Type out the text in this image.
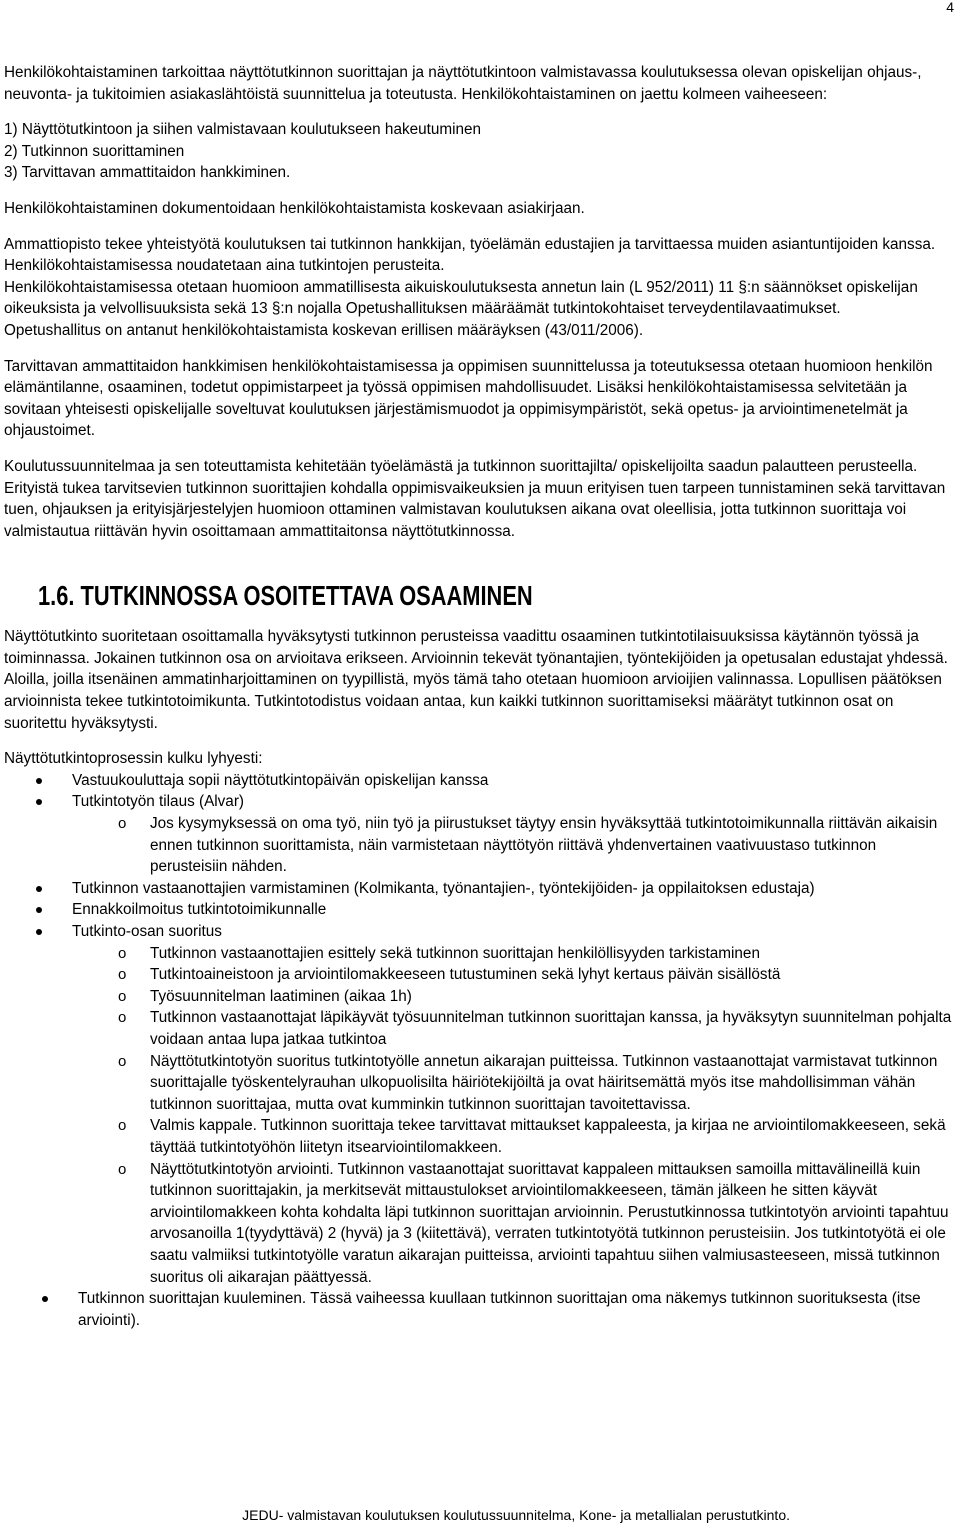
4

Henkilökohtaistaminen tarkoittaa näyttötutkinnon suorittajan ja näyttötutkintoon valmistavassa koulutuksessa olevan opiskelijan ohjaus-, neuvonta- ja tukitoimien asiakaslähtöistä suunnittelua ja toteutusta. Henkilökohtaistaminen on jaettu kolmeen vaiheeseen:

1) Näyttötutkintoon ja siihen valmistavaan koulutukseen hakeutuminen

2) Tutkinnon suorittaminen

3) Tarvittavan ammattitaidon hankkiminen.

Henkilökohtaistaminen dokumentoidaan henkilökohtaistamista koskevaan asiakirjaan.

Ammattiopisto tekee yhteistyötä koulutuksen tai tutkinnon hankkijan, työelämän edustajien ja tarvittaessa muiden asiantuntijoiden kanssa. Henkilökohtaistamisessa noudatetaan aina tutkintojen perusteita.

Henkilökohtaistamisessa otetaan huomioon ammatillisesta aikuiskoulutuksesta annetun lain (L 952/2011) 11 §:n säännökset opiskelijan oikeuksista ja velvollisuuksista sekä 13 §:n nojalla Opetushallituksen määräämät tutkintokohtaiset terveydentilavaatimukset.

Opetushallitus on antanut henkilökohtaistamista koskevan erillisen määräyksen (43/011/2006).

Tarvittavan ammattitaidon hankkimisen henkilökohtaistamisessa ja oppimisen suunnittelussa ja toteutuksessa otetaan huomioon henkilön elämäntilanne, osaaminen, todetut oppimistarpeet ja työssä oppimisen mahdollisuudet. Lisäksi henkilökohtaistamisessa selvitetään ja sovitaan yhteisesti opiskelijalle soveltuvat koulutuksen järjestämismuodot ja oppimisympäristöt, sekä opetus- ja arviointimenetelmät ja ohjaustoimet.

Koulutussuunnitelmaa ja sen toteuttamista kehitetään työelämästä ja tutkinnon suorittajilta/ opiskelijoilta saadun palautteen perusteella. Erityistä tukea tarvitsevien tutkinnon suorittajien kohdalla oppimisvaikeuksien ja muun erityisen tuen tarpeen tunnistaminen sekä tarvittavan tuen, ohjauksen ja erityisjärjestelyjen huomioon ottaminen valmistavan koulutuksen aikana ovat oleellisia, jotta tutkinnon suorittaja voi valmistautua riittävän hyvin osoittamaan ammattitaitonsa näyttötutkinnossa.

1.6. TUTKINNOSSA OSOITETTAVA OSAAMINEN

Näyttötutkinto suoritetaan osoittamalla hyväksytysti tutkinnon perusteissa vaadittu osaaminen tutkintotilaisuuksissa käytännön työssä ja toiminnassa. Jokainen tutkinnon osa on arvioitava erikseen. Arvioinnin tekevät työnantajien, työntekijöiden ja opetusalan edustajat yhdessä. Aloilla, joilla itsenäinen ammatinharjoittaminen on tyypillistä, myös tämä taho otetaan huomioon arvioijien valinnassa. Lopullisen päätöksen arvioinnista tekee tutkintotoimikunta. Tutkintotodistus voidaan antaa, kun kaikki tutkinnon suorittamiseksi määrätyt tutkinnon osat on suoritettu hyväksytysti.

Näyttötutkintoprosessin kulku lyhyesti:

Vastuukouluttaja sopii näyttötutkintopäivän opiskelijan kanssa
Tutkintotyön tilaus (Alvar)
o Jos kysymyksessä on oma työ, niin työ ja piirustukset täytyy ensin hyväksyttää tutkintotoimikunnalla riittävän aikaisin ennen tutkinnon suorittamista, näin varmistetaan näyttötyön riittävä yhdenvertainen vaativuustaso tutkinnon perusteisiin nähden.
Tutkinnon vastaanottajien varmistaminen (Kolmikanta, työnantajien-, työntekijöiden- ja oppilaitoksen edustaja)
Ennakkoilmoitus tutkintotoimikunnalle
Tutkinto-osan suoritus
o Tutkinnon vastaanottajien esittely sekä tutkinnon suorittajan henkilöllisyyden tarkistaminen
o Tutkintoaineistoon ja arviointilomakkeeseen tutustuminen sekä lyhyt kertaus päivän sisällöstä
o Työsuunnitelman laatiminen (aikaa 1h)
o Tutkinnon vastaanottajat läpikäyvät työsuunnitelman tutkinnon suorittajan kanssa, ja hyväksytyn suunnitelman pohjalta voidaan antaa lupa jatkaa tutkintoa
o Näyttötutkintotyön suoritus tutkintotyölle annetun aikarajan puitteissa. Tutkinnon vastaanottajat varmistavat tutkinnon suorittajalle työskentelyrauhan ulkopuolisilta häiriötekijöiltä ja ovat häiritsemättä myös itse mahdollisimman vähän tutkinnon suorittajaa, mutta ovat kumminkin tutkinnon suorittajan tavoitettavissa.
o Valmis kappale. Tutkinnon suorittaja tekee tarvittavat mittaukset kappaleesta, ja kirjaa ne arviointilomakkeeseen, sekä täyttää tutkintotyöhön liitetyn itsearviointilomakkeen.
o Näyttötutkintotyön arviointi. Tutkinnon vastaanottajat suorittavat kappaleen mittauksen samoilla mittavälineillä kuin tutkinnon suorittajakin, ja merkitsevät mittaustulokset arviointilomakkeeseen, tämän jälkeen he sitten käyvät arviointilomakkeen kohta kohdalta läpi tutkinnon suorittajan arvioinnin. Perustutkinnossa tutkintotyön arviointi tapahtuu arvosanoilla 1(tyydyttävä) 2 (hyvä) ja 3 (kiitettävä), verraten tutkintotyötä tutkinnon perusteisiin. Jos tutkintotyötä ei ole saatu valmiiksi tutkintotyölle varatun aikarajan puitteissa, arviointi tapahtuu siihen valmiusasteeseen, missä tutkinnon suoritus oli aikarajan päättyessä.
Tutkinnon suorittajan kuuleminen. Tässä vaiheessa kuullaan tutkinnon suorittajan oma näkemys tutkinnon suorituksesta (itse arviointi).
JEDU- valmistavan koulutuksen koulutussuunnitelma, Kone- ja metallialan perustutkinto.
